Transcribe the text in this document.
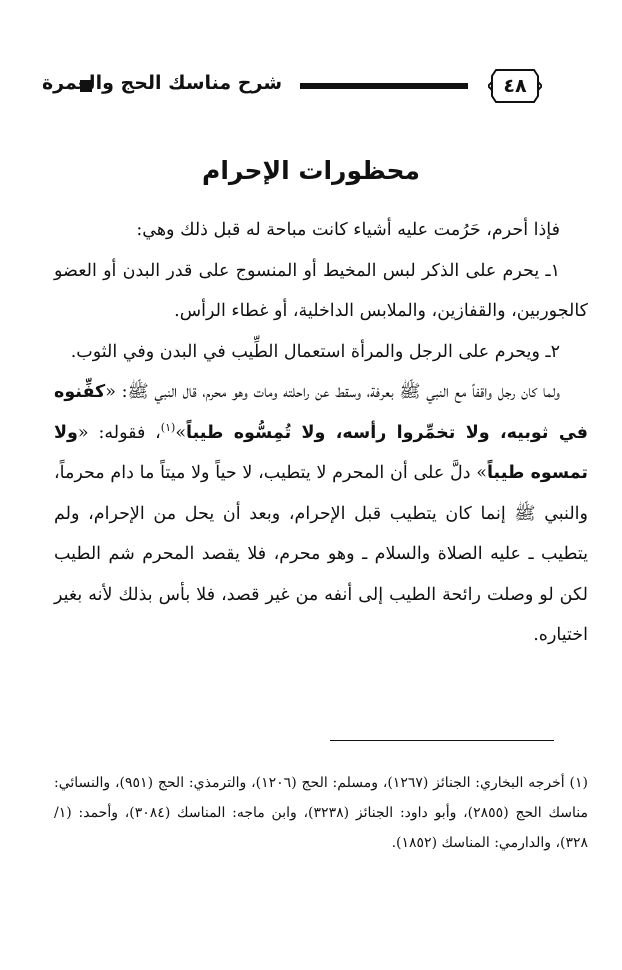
شرح مناسك الحج والعمرة	٤٨
محظورات الإحرام

فإذا أحرم، حَرُمت عليه أشياء كانت مباحة له قبل ذلك وهي:

١ـ يحرم على الذكر لبس المخيط أو المنسوج على قدر البدن أو العضو كالجوربين، والقفازين، والملابس الداخلية، أو غطاء الرأس.

٢ـ ويحرم على الرجل والمرأة استعمال الطِّيب في البدن وفي الثوب.

ولما كان رجل واقفاً مع النبي ﷺ بعرفة، وسقط عن راحلته ومات وهو محرم، قال النبي ﷺ: «كفِّنوه في ثوبيه، ولا تخمِّروا رأسه، ولا تُمِسُّوه طيباً»$^{(١)}$، فقوله: «ولا تمسوه طيباً» دلَّ على أن المحرم لا يتطيب، لا حياً ولا ميتاً ما دام محرماً، والنبي ﷺ إنما كان يتطيب قبل الإحرام، وبعد أن يحل من الإحرام، ولم يتطيب ـ عليه الصلاة والسلام ـ وهو محرم، فلا يقصد المحرم شم الطيب لكن لو وصلت رائحة الطيب إلى أنفه من غير قصد، فلا بأس بذلك لأنه بغير اختياره.

(١) أخرجه البخاري: الجنائز (١٢٦٧)، ومسلم: الحج (١٢٠٦)، والترمذي: الحج (٩٥١)، والنسائي: مناسك الحج (٢٨٥٥)، وأبو داود: الجنائز (٣٢٣٨)، وابن ماجه: المناسك (٣٠٨٤)، وأحمد: (١/ ٣٢٨)، والدارمي: المناسك (١٨٥٢).
